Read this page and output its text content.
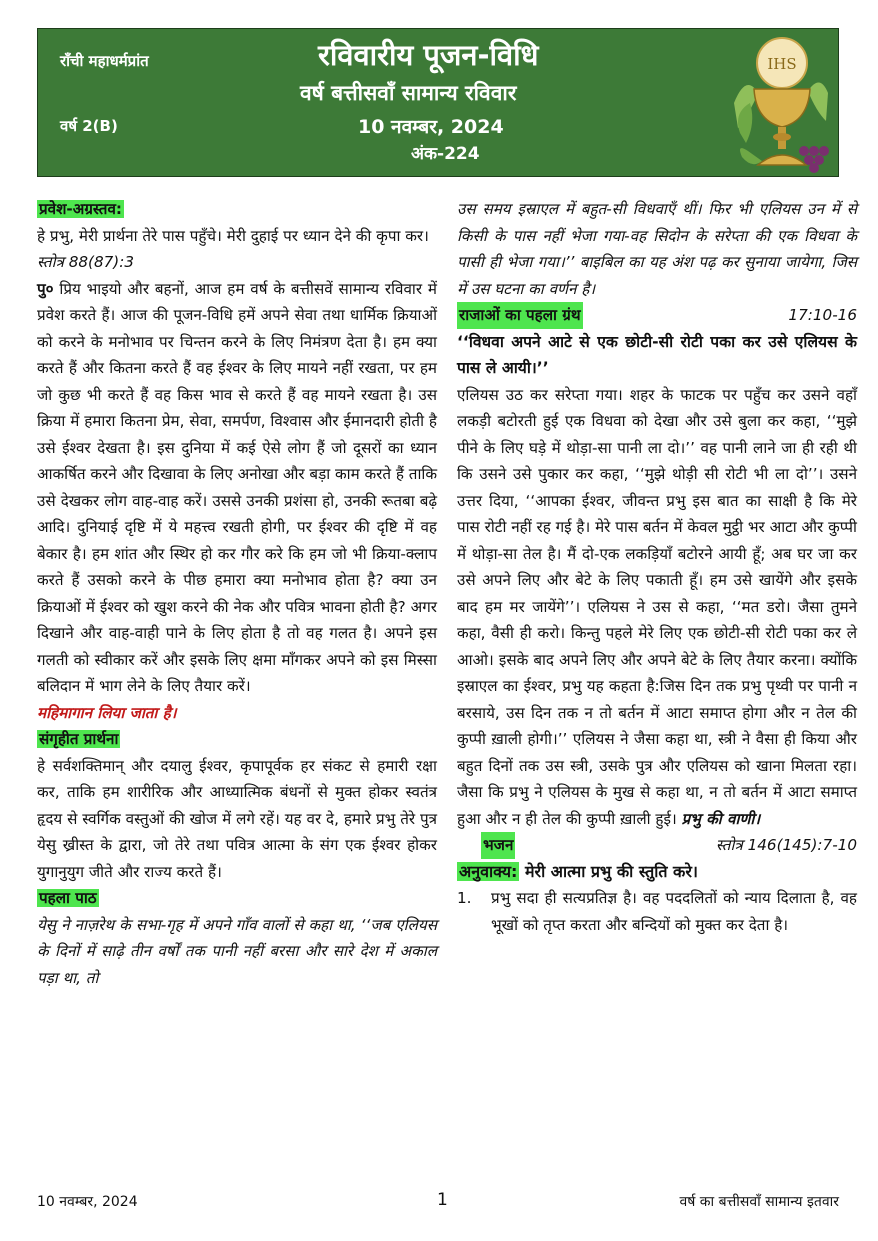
राँची महाधर्मप्रांत	रविवारीय पूजन-विधि
वर्ष बत्तीसवाँ सामान्य रविवार
वर्ष 2(B)	10 नवम्बर, 2024
अंक-224
IHS

प्रवेश-अग्रस्तव:

हे प्रभु, मेरी प्रार्थना तेरे पास पहुँचे। मेरी दुहाई पर ध्यान देने की कृपा कर।

स्तोत्र 88(87):3

पु० प्रिय भाइयो और बहनों, आज हम वर्ष के बत्तीसवें सामान्य रविवार में प्रवेश करते हैं। आज की पूजन-विधि हमें अपने सेवा तथा धार्मिक क्रियाओं को करने के मनोभाव पर चिन्तन करने के लिए निमंत्रण देता है। हम क्या करते हैं और कितना करते हैं वह ईश्वर के लिए मायने नहीं रखता, पर हम जो कुछ भी करते हैं वह किस भाव से करते हैं वह मायने रखता है। उस क्रिया में हमारा कितना प्रेम, सेवा, समर्पण, विश्वास और ईमानदारी होती है उसे ईश्वर देखता है। इस दुनिया में कई ऐसे लोग हैं जो दूसरों का ध्यान आकर्षित करने और दिखावा के लिए अनोखा और बड़ा काम करते हैं ताकि उसे देखकर लोग वाह-वाह करें। उससे उनकी प्रशंसा हो, उनकी रूतबा बढ़े आदि। दुनियाई दृष्टि में ये महत्त्व रखती होगी, पर ईश्वर की दृष्टि में वह बेकार है। हम शांत और स्थिर हो कर गौर करे कि हम जो भी क्रिया-क्लाप करते हैं उसको करने के पीछ हमारा क्या मनोभाव होता है? क्या उन क्रियाओं में ईश्वर को खुश करने की नेक और पवित्र भावना होती है? अगर दिखाने और वाह-वाही पाने के लिए होता है तो वह गलत है। अपने इस गलती को स्वीकार करें और इसके लिए क्षमा माँगकर अपने को इस मिस्सा बलिदान में भाग लेने के लिए तैयार करें।

महिमागान लिया जाता है।

संगृहीत प्रार्थना

हे सर्वशक्तिमान् और दयालु ईश्वर, कृपापूर्वक हर संकट से हमारी रक्षा कर, ताकि हम शारीरिक और आध्यात्मिक बंधनों से मुक्त होकर स्वतंत्र हृदय से स्वर्गिक वस्तुओं की खोज में लगे रहें। यह वर दे, हमारे प्रभु तेरे पुत्र येसु ख्रीस्त के द्वारा, जो तेरे तथा पवित्र आत्मा के संग एक ईश्वर होकर युगानुयुग जीते और राज्य करते हैं।

पहला पाठ

येसु ने नाज़रेथ के सभा-गृह में अपने गाँव वालों से कहा था, ‘‘जब एलियस के दिनों में साढ़े तीन वर्षों तक पानी नहीं बरसा और सारे देश में अकाल पड़ा था, तो

उस समय इस्राएल में बहुत-सी विधवाएँ थीं। फिर भी एलियस उन में से किसी के पास नहीं भेजा गया-वह सिदोन के सरेप्ता की एक विधवा के पासी ही भेजा गया।’’ बाइबिल का यह अंश पढ़ कर सुनाया जायेगा, जिस में उस घटना का वर्णन है।

राजाओं का पहला ग्रंथ	17:10-16

‘‘विधवा अपने आटे से एक छोटी-सी रोटी पका कर उसे एलियस के पास ले आयी।’’

एलियस उठ कर सरेप्ता गया। शहर के फाटक पर पहुँच कर उसने वहाँ लकड़ी बटोरती हुई एक विधवा को देखा और उसे बुला कर कहा, ‘‘मुझे पीने के लिए घड़े में थोड़ा-सा पानी ला दो।’’ वह पानी लाने जा ही रही थी कि उसने उसे पुकार कर कहा, ‘‘मुझे थोड़ी सी रोटी भी ला दो’’। उसने उत्तर दिया, ‘‘आपका ईश्वर, जीवन्त प्रभु इस बात का साक्षी है कि मेरे पास रोटी नहीं रह गई है। मेरे पास बर्तन में केवल मुट्ठी भर आटा और कुप्पी में थोड़ा-सा तेल है। मैं दो-एक लकड़ियाँ बटोरने आयी हूँ; अब घर जा कर उसे अपने लिए और बेटे के लिए पकाती हूँ। हम उसे खायेंगे और इसके बाद हम मर जायेंगे’’। एलियस ने उस से कहा, ‘‘मत डरो। जैसा तुमने कहा, वैसी ही करो। किन्तु पहले मेरे लिए एक छोटी-सी रोटी पका कर ले आओ। इसके बाद अपने लिए और अपने बेटे के लिए तैयार करना। क्योंकि इस्राएल का ईश्वर, प्रभु यह कहता है:जिस दिन तक प्रभु पृथ्वी पर पानी न बरसाये, उस दिन तक न तो बर्तन में आटा समाप्त होगा और न तेल की कुप्पी ख़ाली होगी।’’ एलियस ने जैसा कहा था, स्त्री ने वैसा ही किया और बहुत दिनों तक उस स्त्री, उसके पुत्र और एलियस को खाना मिलता रहा। जैसा कि प्रभु ने एलियस के मुख से कहा था, न तो बर्तन में आटा समाप्त हुआ और न ही तेल की कुप्पी ख़ाली हुई। प्रभु की वाणी।

भजन	स्तोत्र 146(145):7-10

अनुवाक्य: मेरी आत्मा प्रभु की स्तुति करे।

1.	प्रभु सदा ही सत्यप्रतिज्ञ है। वह पददलितों को न्याय दिलाता है, वह भूखों को तृप्त करता और बन्दियों को मुक्त कर देता है।
10 नवम्बर, 2024	1	वर्ष का बत्तीसवाँ सामान्य इतवार
